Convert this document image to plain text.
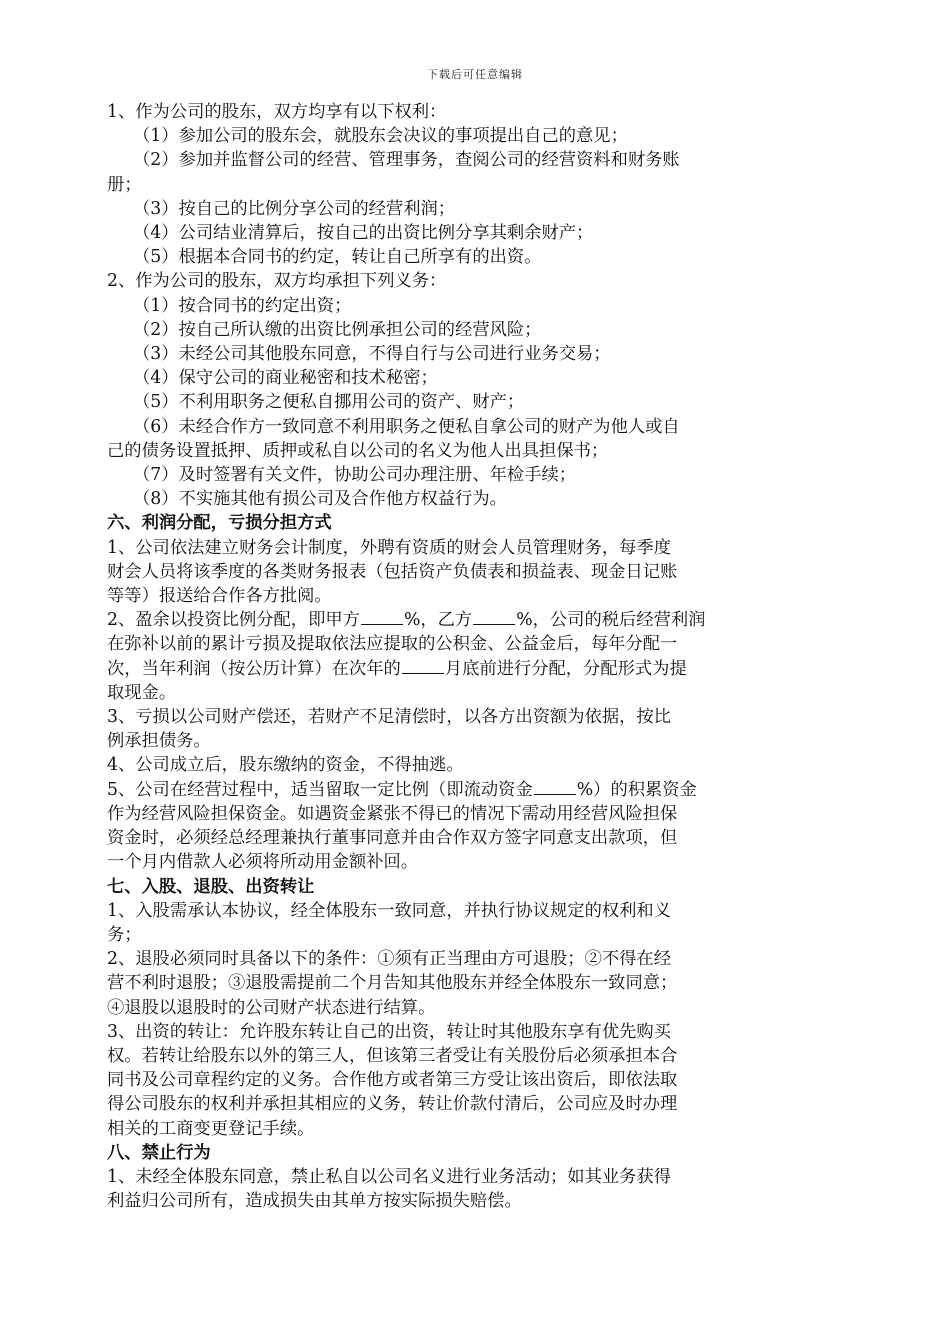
下载后可任意编辑

1、作为公司的股东，双方均享有以下权利：

（1）参加公司的股东会，就股东会决议的事项提出自己的意见；

（2）参加并监督公司的经营、管理事务，查阅公司的经营资料和财务账

册；

（3）按自己的比例分享公司的经营利润；

（4）公司结业清算后，按自己的出资比例分享其剩余财产；

（5）根据本合同书的约定，转让自己所享有的出资。

2、作为公司的股东，双方均承担下列义务：

（1）按合同书的约定出资；

（2）按自己所认缴的出资比例承担公司的经营风险；

（3）未经公司其他股东同意，不得自行与公司进行业务交易；

（4）保守公司的商业秘密和技术秘密；

（5）不利用职务之便私自挪用公司的资产、财产；

（6）未经合作方一致同意不利用职务之便私自拿公司的财产为他人或自

己的债务设置抵押、质押或私自以公司的名义为他人出具担保书；

（7）及时签署有关文件，协助公司办理注册、年检手续；

（8）不实施其他有损公司及合作他方权益行为。

六、利润分配，亏损分担方式

1、公司依法建立财务会计制度，外聘有资质的财会人员管理财务，每季度

财会人员将该季度的各类财务报表（包括资产负债表和损益表、现金日记账

等等）报送给合作各方批阅。

2、盈余以投资比例分配，即甲方	%，乙方	%，公司的税后经营利润

在弥补以前的累计亏损及提取依法应提取的公积金、公益金后，每年分配一

次，当年利润（按公历计算）在次年的	月底前进行分配，分配形式为提

取现金。

3、亏损以公司财产偿还，若财产不足清偿时，以各方出资额为依据，按比

例承担债务。

4、公司成立后，股东缴纳的资金，不得抽逃。

5、公司在经营过程中，适当留取一定比例（即流动资金	%）的积累资金

作为经营风险担保资金。如遇资金紧张不得已的情况下需动用经营风险担保

资金时，必须经总经理兼执行董事同意并由合作双方签字同意支出款项，但

一个月内借款人必须将所动用金额补回。

七、入股、退股、出资转让

1、入股需承认本协议，经全体股东一致同意，并执行协议规定的权利和义

务；

2、退股必须同时具备以下的条件：①须有正当理由方可退股；②不得在经

营不利时退股；③退股需提前二个月告知其他股东并经全体股东一致同意；

④退股以退股时的公司财产状态进行结算。

3、出资的转让：允许股东转让自己的出资，转让时其他股东享有优先购买

权。若转让给股东以外的第三人，但该第三者受让有关股份后必须承担本合

同书及公司章程约定的义务。合作他方或者第三方受让该出资后，即依法取

得公司股东的权利并承担其相应的义务，转让价款付清后，公司应及时办理

相关的工商变更登记手续。

八、禁止行为

1、未经全体股东同意，禁止私自以公司名义进行业务活动；如其业务获得

利益归公司所有，造成损失由其单方按实际损失赔偿。
